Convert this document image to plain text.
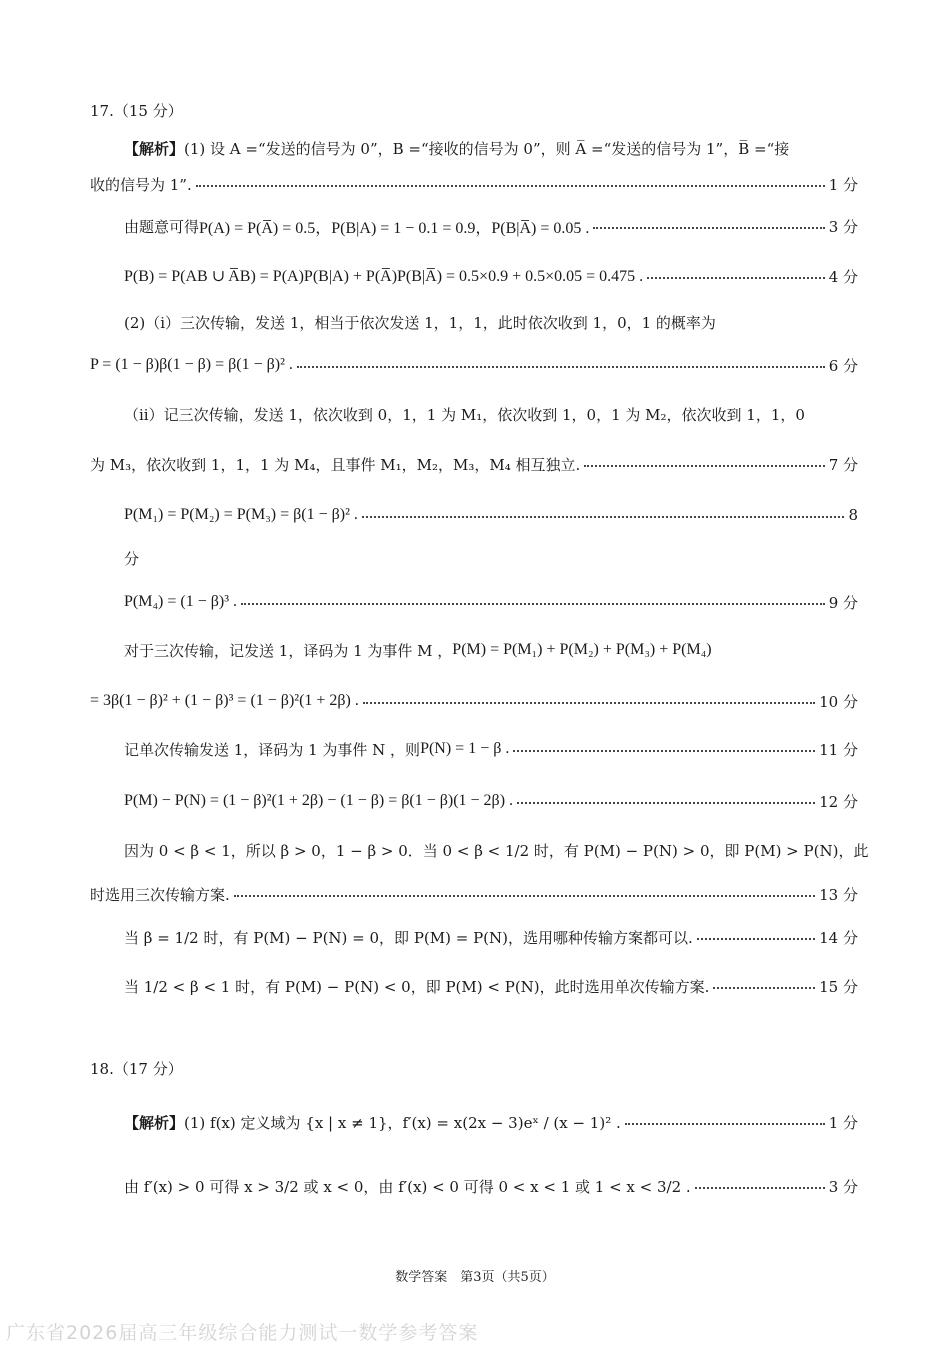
17.（15 分）
【解析】 (1) 设 A =“发送的信号为 0”，B =“接收的信号为 0”，则 A̅ =“发送的信号为 1”，B̅ =“接
收的信号为 1”.	1 分
由题意可得 P(A) = P(A̅) = 0.5，P(B|A) = 1 − 0.1 = 0.9，P(B|A̅) = 0.05 .	3 分
P(B) = P(AB ∪ A̅B) = P(A)P(B|A) + P(A̅)P(B|A̅) = 0.5×0.9 + 0.5×0.05 = 0.475 .	4 分
(2)（i）三次传输，发送 1，相当于依次发送 1，1，1，此时依次收到 1，0，1 的概率为
P = (1 − β)β(1 − β) = β(1 − β)² .	6 分
（ii）记三次传输，发送 1，依次收到 0，1，1 为 M₁，依次收到 1，0，1 为 M₂，依次收到 1，1，0
为 M₃，依次收到 1，1，1 为 M₄，且事件 M₁，M₂，M₃，M₄ 相互独立.	7 分
P(M₁) = P(M₂) = P(M₃) = β(1 − β)² .	8
分
P(M₄) = (1 − β)³ .	9 分
对于三次传输，记发送 1，译码为 1 为事件 M ， P(M) = P(M₁) + P(M₂) + P(M₃) + P(M₄)
= 3β(1 − β)² + (1 − β)³ = (1 − β)²(1 + 2β) .	10 分
记单次传输发送 1，译码为 1 为事件 N ，则 P(N) = 1 − β .	11 分
P(M) − P(N) = (1 − β)²(1 + 2β) − (1 − β) = β(1 − β)(1 − 2β) .	12 分
因为 0 < β < 1，所以 β > 0，1 − β > 0．当 0 < β < 1/2 时，有 P(M) − P(N) > 0，即 P(M) > P(N)，此
时选用三次传输方案.	13 分
当 β = 1/2 时，有 P(M) − P(N) = 0，即 P(M) = P(N)，选用哪种传输方案都可以.	14 分
当 1/2 < β < 1 时，有 P(M) − P(N) < 0，即 P(M) < P(N)，此时选用单次传输方案.	15 分
18.（17 分）
【解析】 (1) f(x) 定义域为 {x | x ≠ 1}，f′(x) = x(2x − 3)eˣ / (x − 1)² .	1 分
由 f′(x) > 0 可得 x > 3/2 或 x < 0，由 f′(x) < 0 可得 0 < x < 1 或 1 < x < 3/2 .	3 分
数学答案　第3页（共5页）
广东省2026届高三年级综合能力测试一数学参考答案
